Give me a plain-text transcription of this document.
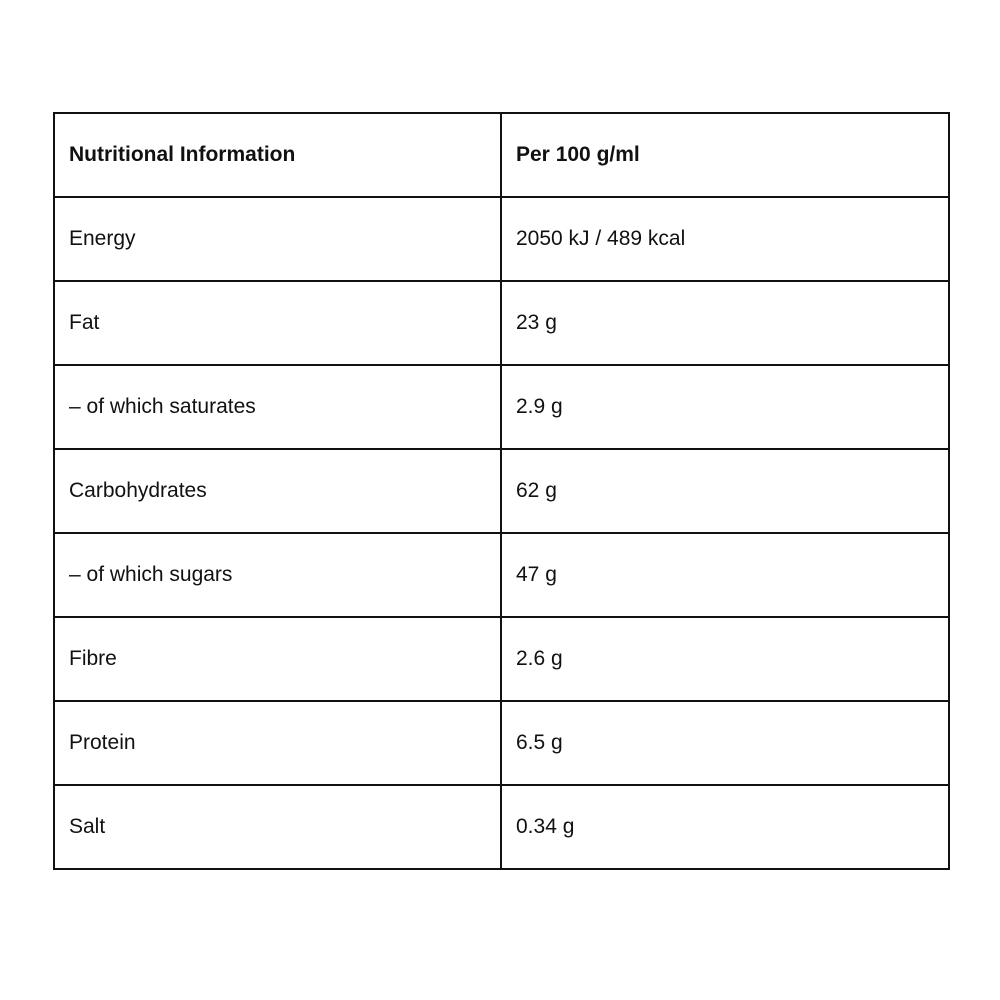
Nutritional Information	Per 100 g/ml
Energy	2050 kJ / 489 kcal
Fat	23 g
– of which saturates	2.9 g
Carbohydrates	62 g
– of which sugars	47 g
Fibre	2.6 g
Protein	6.5 g
Salt	0.34 g
